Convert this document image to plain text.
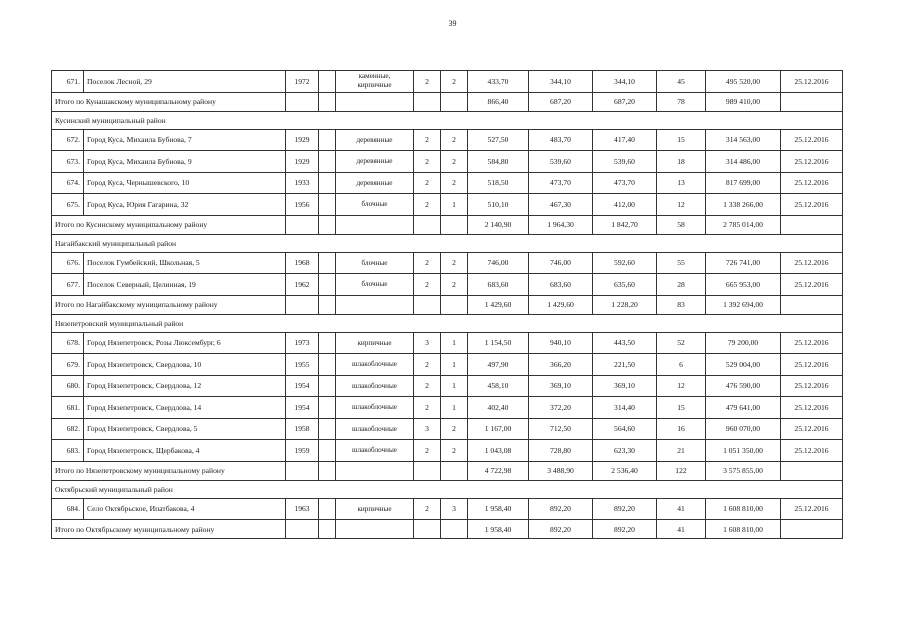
39
671.	Поселок Лесной, 29	1972		каменные,
кирпичные	2	2	433,70	344,10	344,10	45	495 520,00	25.12.2016
Итого по Кунашакскому муниципальному району							866,40	687,20	687,20	78	989 410,00	
Кусинский муниципальный район												
672.	Город Куса, Михаила Бубнова, 7	1929		деревянные	2	2	527,50	483,70	417,40	15	314 563,00	25.12.2016
673.	Город Куса, Михаила Бубнова, 9	1929		деревянные	2	2	584,80	539,60	539,60	18	314 486,00	25.12.2016
674.	Город Куса, Чернышевского, 10	1933		деревянные	2	2	518,50	473,70	473,70	13	817 699,00	25.12.2016
675.	Город Куса, Юрия Гагарина, 32	1956		блочные	2	1	510,10	467,30	412,00	12	1 338 266,00	25.12.2016
Итого по Кусинскому муниципальному району							2 140,90	1 964,30	1 842,70	58	2 785 014,00	
Нагайбакский муниципальный район												
676.	Поселок Гумбейский, Школьная, 5	1968		блочные	2	2	746,00	746,00	592,60	55	726 741,00	25.12.2016
677.	Поселок Северный, Целинная, 19	1962		блочные	2	2	683,60	683,60	635,60	28	665 953,00	25.12.2016
Итого по Нагайбакскому муниципальному району							1 429,60	1 429,60	1 228,20	83	1 392 694,00	
Нязепетровский муниципальный район												
678.	Город Нязепетровск, Розы Люксембург, 6	1973		кирпичные	3	1	1 154,50	940,10	443,50	52	79 200,00	25.12.2016
679.	Город Нязепетровск, Свердлова, 10	1955		шлакоблочные	2	1	497,90	366,20	221,50	6	529 004,00	25.12.2016
680.	Город Нязепетровск, Свердлова, 12	1954		шлакоблочные	2	1	458,10	369,10	369,10	12	476 590,00	25.12.2016
681.	Город Нязепетровск, Свердлова, 14	1954		шлакоблочные	2	1	402,40	372,20	314,40	15	479 641,00	25.12.2016
682.	Город Нязепетровск, Свердлова, 5	1958		шлакоблочные	3	2	1 167,00	712,50	564,60	16	960 070,00	25.12.2016
683.	Город Нязепетровск, Щербакова, 4	1959		шлакоблочные	2	2	1 043,08	728,80	623,30	21	1 051 350,00	25.12.2016
Итого по Нязепетровскому муниципальному району							4 722,98	3 488,90	2 536,40	122	3 575 855,00	
Октябрьский муниципальный район												
684.	Село Октябрьское, Ипатбакова, 4	1963		кирпичные	2	3	1 958,40	892,20	892,20	41	1 608 810,00	25.12.2016
Итого по Октябрьскому муниципальному району							1 958,40	892,20	892,20	41	1 608 810,00	
